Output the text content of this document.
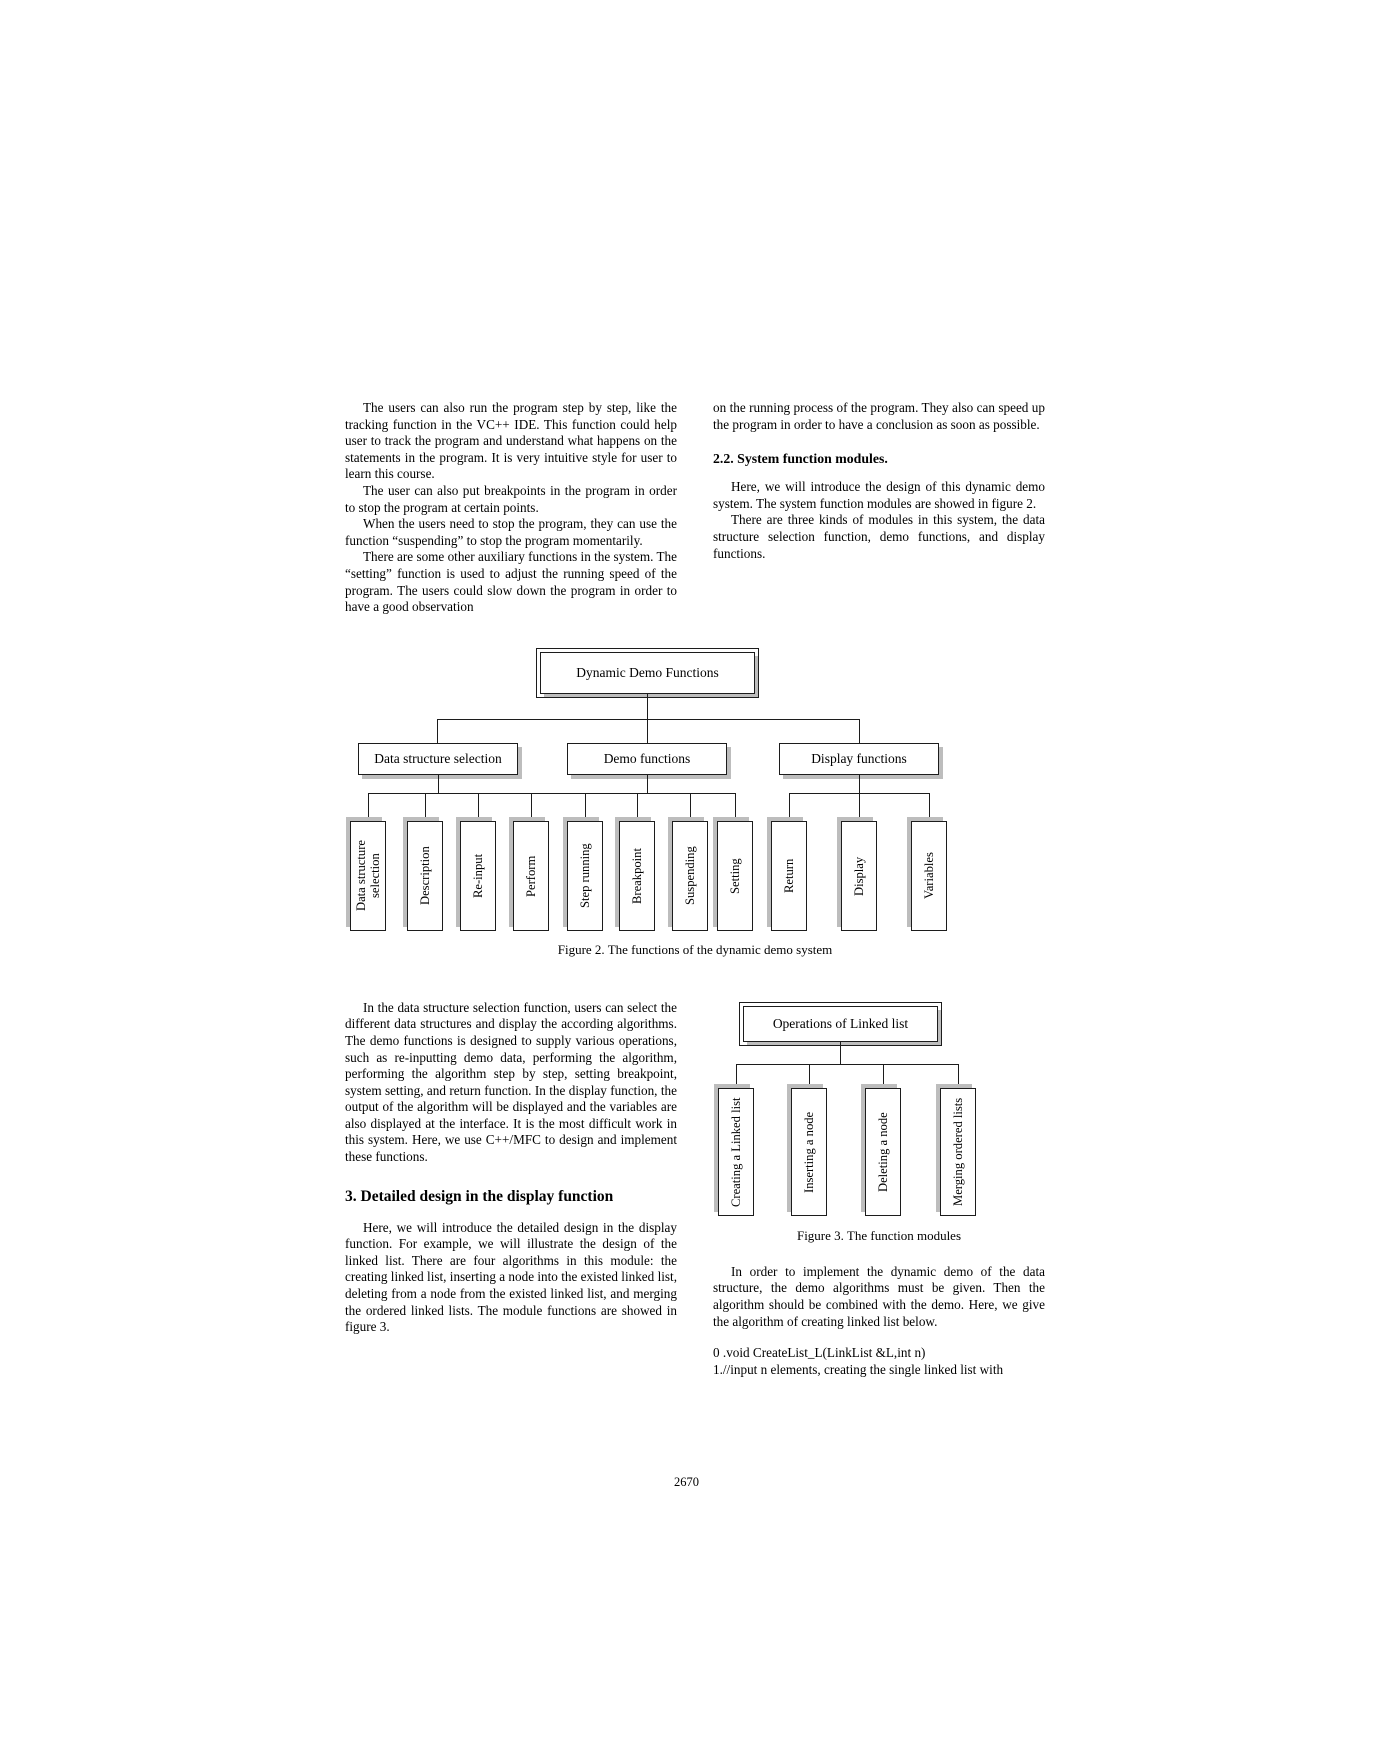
The users can also run the program step by step, like the tracking function in the VC++ IDE. This function could help user to track the program and understand what happens on the statements in the program. It is very intuitive style for user to learn this course.

The user can also put breakpoints in the program in order to stop the program at certain points.

When the users need to stop the program, they can use the function “suspending” to stop the program momentarily.

There are some other auxiliary functions in the system. The “setting” function is used to adjust the running speed of the program. The users could slow down the program in order to have a good observation

on the running process of the program. They also can speed up the program in order to have a conclusion as soon as possible.

2.2. System function modules.

Here, we will introduce the design of this dynamic demo system. The system function modules are showed in figure 2.

There are three kinds of modules in this system, the data structure selection function, demo functions, and display functions.

Dynamic Demo Functions
Data structure selection	Demo functions	Display functions
Data structure selection	Description	Re-input	Perform	Step running	Breakpoint	Suspending Setting	Return	Display	Variables
Figure 2. The functions of the dynamic demo system

In the data structure selection function, users can select the different data structures and display the according algorithms. The demo functions is designed to supply various operations, such as re-inputting demo data, performing the algorithm, performing the algorithm step by step, setting breakpoint, system setting, and return function. In the display function, the output of the algorithm will be displayed and the variables are also displayed at the interface. It is the most difficult work in this system. Here, we use C++/MFC to design and implement these functions.

3. Detailed design in the display function

Here, we will introduce the detailed design in the display function. For example, we will illustrate the design of the linked list. There are four algorithms in this module: the creating linked list, inserting a node into the existed linked list, deleting from a node from the existed linked list, and merging the ordered linked lists. The module functions are showed in figure 3.

Operations of Linked list
Creating a Linked list	Inserting a node	Deleting a node	Merging ordered lists
Figure 3. The function modules

In order to implement the dynamic demo of the data structure, the demo algorithms must be given. Then the algorithm should be combined with the demo. Here, we give the algorithm of creating linked list below.

0 .void CreateList_L(LinkList &L,int n)

1.//input n elements, creating the single linked list with

2670
